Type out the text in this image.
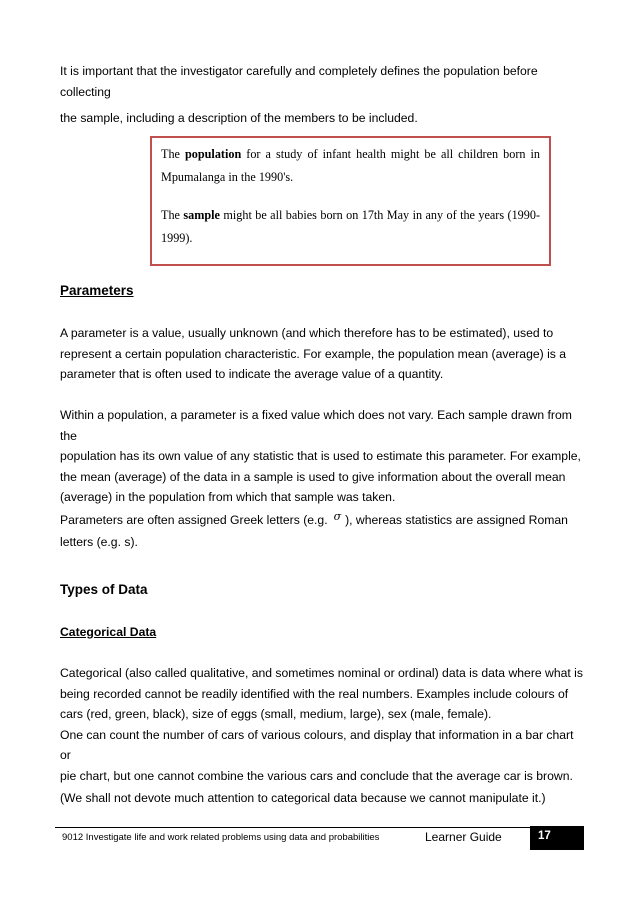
It is important that the investigator carefully and completely defines the population before collecting
the sample, including a description of the members to be included.
The population for a study of infant health might be all children born in Mpumalanga in the 1990's.
The sample might be all babies born on 17th May in any of the years (1990-1999).
Parameters
A parameter is a value, usually unknown (and which therefore has to be estimated), used to
represent a certain population characteristic. For example, the population mean (average) is a
parameter that is often used to indicate the average value of a quantity.
Within a population, a parameter is a fixed value which does not vary. Each sample drawn from the
population has its own value of any statistic that is used to estimate this parameter. For example,
the mean (average) of the data in a sample is used to give information about the overall mean
(average) in the population from which that sample was taken.
Parameters are often assigned Greek letters (e.g. σ ), whereas statistics are assigned Roman
letters (e.g. s).
Types of Data
Categorical Data
Categorical (also called qualitative, and sometimes nominal or ordinal) data is data where what is
being recorded cannot be readily identified with the real numbers. Examples include colours of
cars (red, green, black), size of eggs (small, medium, large), sex (male, female).
One can count the number of cars of various colours, and display that information in a bar chart or
pie chart, but one cannot combine the various cars and conclude that the average car is brown.
(We shall not devote much attention to categorical data because we cannot manipulate it.)
9012 Investigate life and work related problems using data and probabilities	Learner Guide	17
